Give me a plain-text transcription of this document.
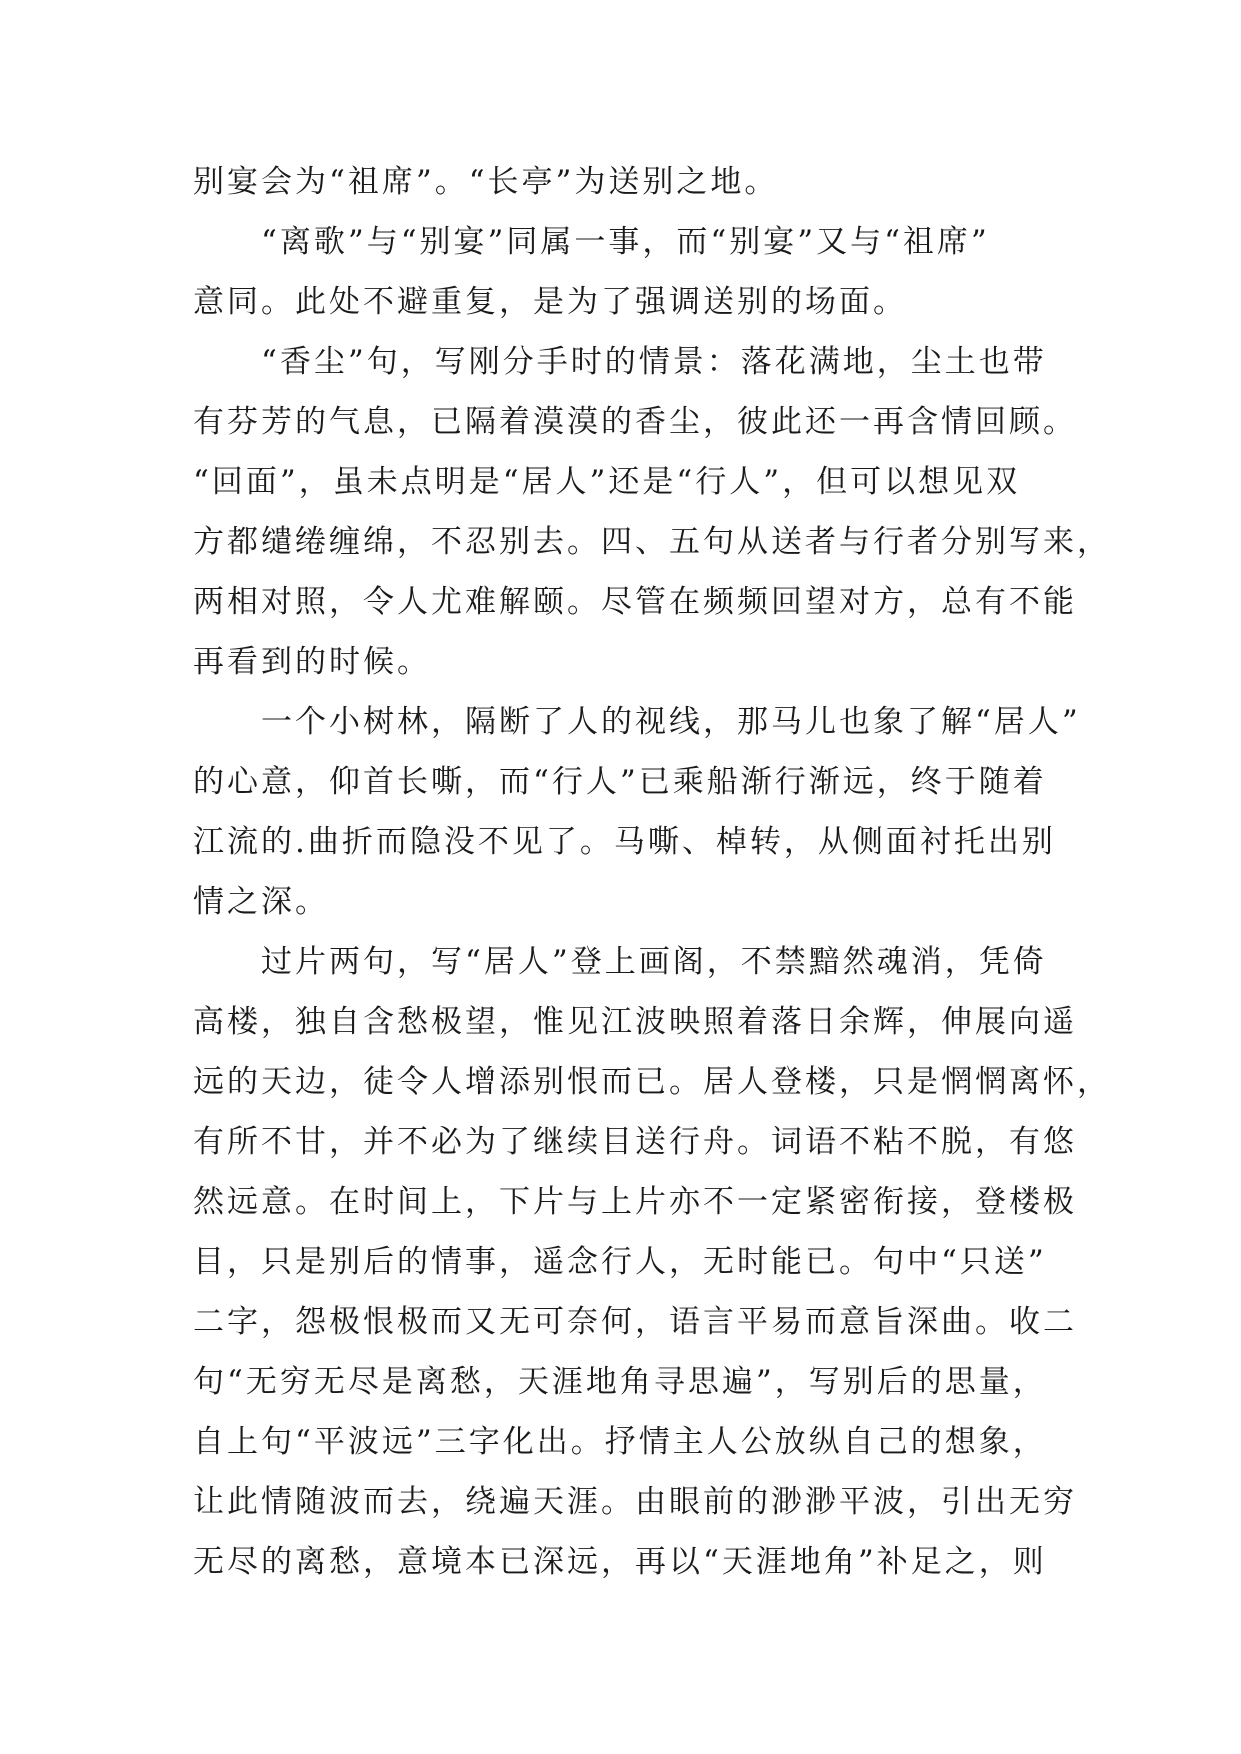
别宴会为“祖席”。“长亭”为送别之地。
“离歌”与“别宴”同属一事，而“别宴”又与“祖席”
意同。此处不避重复，是为了强调送别的场面。
“香尘”句，写刚分手时的情景：落花满地，尘土也带
有芬芳的气息，已隔着漠漠的香尘，彼此还一再含情回顾。
“回面”，虽未点明是“居人”还是“行人”，但可以想见双
方都缱绻缠绵，不忍别去。四、五句从送者与行者分别写来，
两相对照，令人尤难解颐。尽管在频频回望对方，总有不能
再看到的时候。
一个小树林，隔断了人的视线，那马儿也象了解“居人”
的心意，仰首长嘶，而“行人”已乘船渐行渐远，终于随着
江流的.曲折而隐没不见了。马嘶、棹转，从侧面衬托出别
情之深。
过片两句，写“居人”登上画阁，不禁黯然魂消，凭倚
高楼，独自含愁极望，惟见江波映照着落日余辉，伸展向遥
远的天边，徒令人增添别恨而已。居人登楼，只是惘惘离怀，
有所不甘，并不必为了继续目送行舟。词语不粘不脱，有悠
然远意。在时间上，下片与上片亦不一定紧密衔接，登楼极
目，只是别后的情事，遥念行人，无时能已。句中“只送”
二字，怨极恨极而又无可奈何，语言平易而意旨深曲。收二
句“无穷无尽是离愁，天涯地角寻思遍”，写别后的思量，
自上句“平波远”三字化出。抒情主人公放纵自己的想象，
让此情随波而去，绕遍天涯。由眼前的渺渺平波，引出无穷
无尽的离愁，意境本已深远，再以“天涯地角”补足之，则
